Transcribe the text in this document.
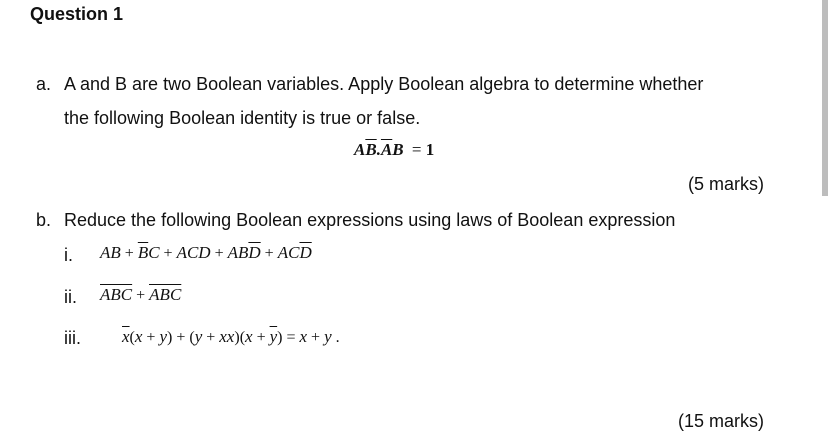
Question 1
a. A and B are two Boolean variables. Apply Boolean algebra to determine whether
the following Boolean identity is true or false.
$A\overline{B}.\overline{A}B = 1$
(5 marks)
b. Reduce the following Boolean expressions using laws of Boolean expression
i. AB + $\overline{B}C$ + ACD + $AB\overline{D} + AC\overline{D}$
ii. $\overline{A}\overline{B}\overline{C} + \overline{A}\overline{B}\overline{C}$
iii. $\overline{x}(x + y) + (y + xx)(x + \overline{y}) = x + y$ .
(15 marks)
